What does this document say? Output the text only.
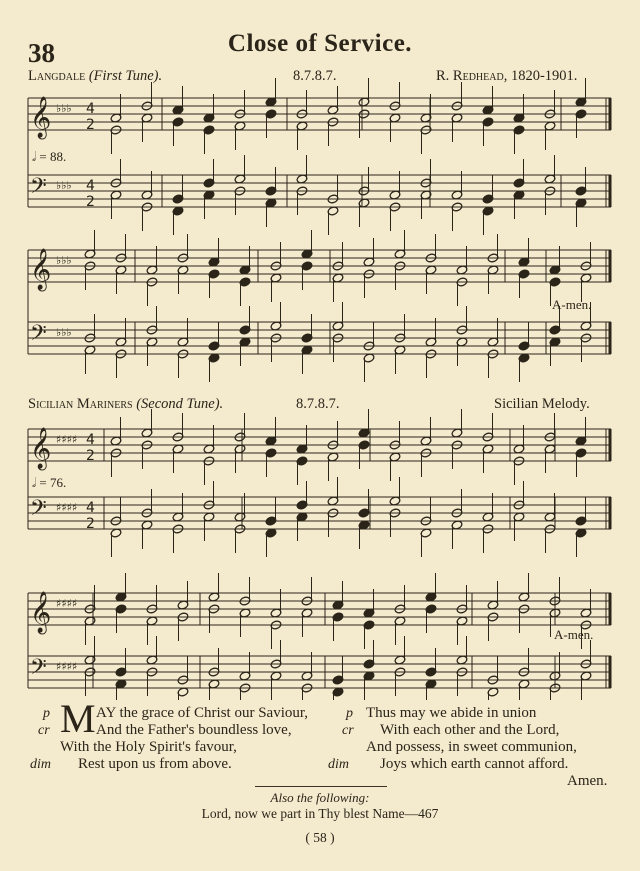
38	Close of Service.
Langdale (First Tune).	8.7.8.7.	R. Redhead, 1820-1901.
Sicilian Mariners (Second Tune).	8.7.8.7.	Sicilian Melody.
𝅗𝅥 = 88.
𝅗𝅥 = 76.
A-men.
A-men.
𝄞
𝄢
♭♭♭
♭♭♭
4
2
4
2
𝄞
𝄢
♭♭♭
♭♭♭
𝄞
𝄢
♯♯♯♯
♯♯♯♯
4
2
4
2
𝄞
𝄢
♯♯♯♯
♯♯♯♯
p M AY the grace of Christ our Saviour,
cr	And the Father's boundless love,
With the Holy Spirit's favour,
dim Rest upon us from above.
p Thus may we abide in union
cr With each other and the Lord,
And possess, in sweet communion,
dim Joys which earth cannot afford.
Amen.
Also the following:
Lord, now we part in Thy blest Name—467
( 58 )
